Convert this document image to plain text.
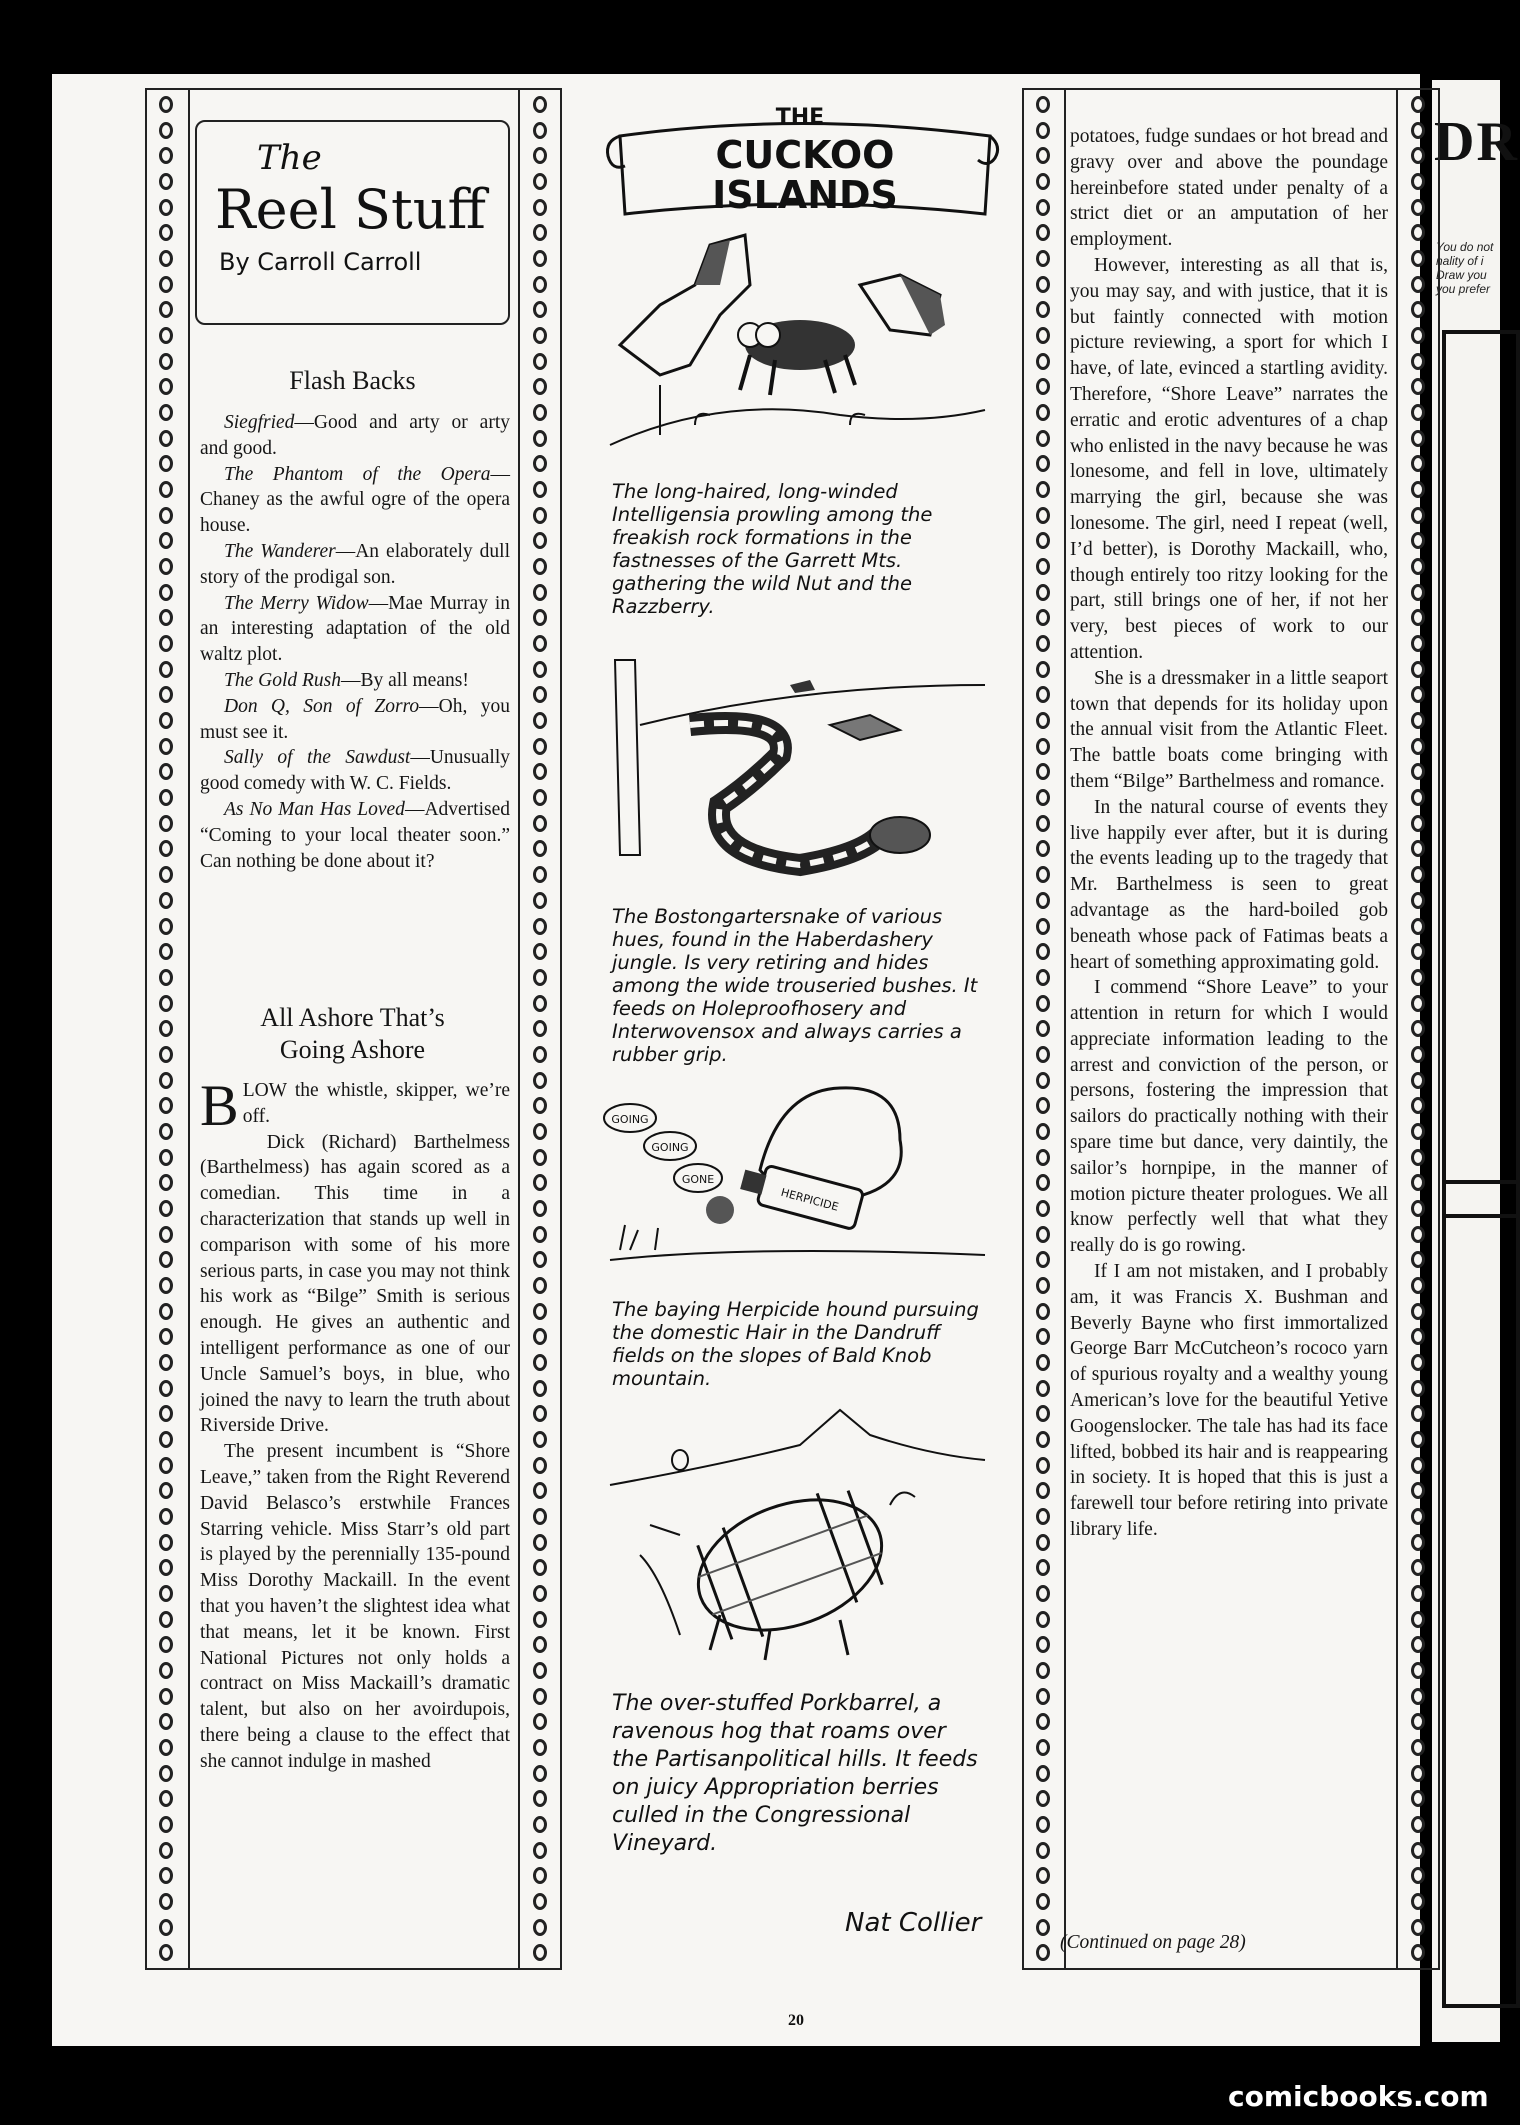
DR
You do not nality of i Draw you you prefer
The
Reel Stuff
By Carroll Carroll
Flash Backs

Siegfried—Good and arty or arty and good.

The Phantom of the Opera—Chaney as the awful ogre of the opera house.

The Wanderer—An elaborately dull story of the prodigal son.

The Merry Widow—Mae Murray in an interesting adaptation of the old waltz plot.

The Gold Rush—By all means!

Don Q, Son of Zorro—Oh, you must see it.

Sally of the Sawdust—Unusually good comedy with W. C. Fields.

As No Man Has Loved—Advertised “Coming to your local theater soon.” Can nothing be done about it?

All Ashore That’s
Going Ashore

BLOW the whistle, skipper, we’re off.

Dick (Richard) Barthelmess (Barthelmess) has again scored as a comedian. This time in a characterization that stands up well in comparison with some of his more serious parts, in case you may not think his work as “Bilge” Smith is serious enough. He gives an authentic and intelligent performance as one of our Uncle Samuel’s boys, in blue, who joined the navy to learn the truth about Riverside Drive.

The present incumbent is “Shore Leave,” taken from the Right Reverend David Belasco’s erstwhile Frances Starring vehicle. Miss Starr’s old part is played by the perennially 135-pound Miss Dorothy Mackaill. In the event that you haven’t the slightest idea what that means, let it be known. First National Pictures not only holds a contract on Miss Mackaill’s dramatic talent, but also on her avoirdupois, there being a clause to the effect that she cannot indulge in mashed

potatoes, fudge sundaes or hot bread and gravy over and above the poundage hereinbefore stated under penalty of a strict diet or an amputation of her employment.

However, interesting as all that is, you may say, and with justice, that it is but faintly connected with motion picture reviewing, a sport for which I have, of late, evinced a startling avidity. Therefore, “Shore Leave” narrates the erratic and erotic adventures of a chap who enlisted in the navy because he was lonesome, and fell in love, ultimately marrying the girl, because she was lonesome. The girl, need I repeat (well, I’d better), is Dorothy Mackaill, who, though entirely too ritzy looking for the part, still brings one of her, if not her very, best pieces of work to our attention.

She is a dressmaker in a little seaport town that depends for its holiday upon the annual visit from the Atlantic Fleet. The battle boats come bringing with them “Bilge” Barthelmess and romance.

In the natural course of events they live happily ever after, but it is during the events leading up to the tragedy that Mr. Barthelmess is seen to great advantage as the hard-boiled gob beneath whose pack of Fatimas beats a heart of something approximating gold.

I commend “Shore Leave” to your attention in return for which I would appreciate information leading to the arrest and conviction of the person, or persons, fostering the impression that sailors do practically nothing with their spare time but dance, very daintily, the sailor’s hornpipe, in the manner of motion picture theater prologues. We all know perfectly well that what they really do is go rowing.

If I am not mistaken, and I probably am, it was Francis X. Bushman and Beverly Bayne who first immortalized George Barr McCutcheon’s rococo yarn of spurious royalty and a wealthy young American’s love for the beautiful Yetive Googenslocker. The tale has had its face lifted, bobbed its hair and is reappearing in society. It is hoped that this is just a farewell tour before retiring into private library life.

(Continued on page 28)
THE
CUCKOO
ISLANDS
The long-haired, long-winded Intelligensia prowling among the freakish rock formations in the fastnesses of the Garrett Mts. gathering the wild Nut and the Razzberry.
The Bostongartersnake of various hues, found in the Haberdashery jungle. Is very retiring and hides among the wide trouseried bushes. It feeds on Holeproofhosery and Interwovensox and always carries a rubber grip.
HERPICIDE
GOING
GOING
GONE
The baying Herpicide hound pursuing the domestic Hair in the Dandruff fields on the slopes of Bald Knob mountain.
The over-stuffed Porkbarrel, a ravenous hog that roams over the Partisanpolitical hills. It feeds on juicy Appropriation berries culled in the Congressional Vineyard.
Nat Collier
20
comicbooks.com
